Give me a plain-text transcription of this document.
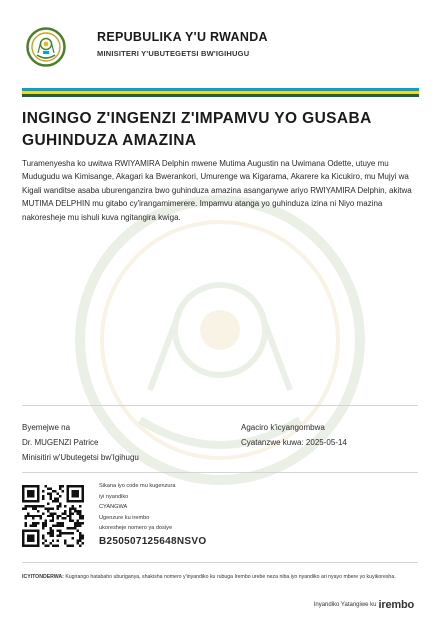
REPUBULIKA Y'U RWANDA
MINISITERI Y'UBUTEGETSI BW'IGIHUGU
INGINGO Z'INGENZI Z'IMPAMVU YO GUSABA GUHINDUZA AMAZINA
Turamenyesha ko uwitwa RWIYAMIRA Delphin mwene Mutima Augustin na Uwimana Odette, utuye mu Mudugudu wa Kimisange, Akagari ka Bwerankori, Umurenge wa Kigarama, Akarere ka Kicukiro, mu Mujyi wa Kigali wanditse asaba uburenganzira bwo guhinduza amazina asanganywe ariyo RWIYAMIRA Delphin, akitwa MUTIMA DELPHIN mu gitabo cy'irangamimerere. Impamvu atanga yo guhinduza izina ni Niyo mazina nakoresheje mu ishuli kuva ngitangira kwiga.
Byemejwe na
Dr. MUGENZI Patrice
Minisitiri w'Ubutegetsi bw'Igihugu
Agaciro k'icyangombwa
Cyatanzwe kuwa: 2025-05-14
Sikana iyo code mu kugenzura
iyi nyandiko
CYANGWA
Ugenzure ku irembo
ukoresheje nomero ya dosiye
B250507125648NSVO
ICYITONDERWA: Kugirango hatabaho uburiganya, shakisha nomero y'inyandiko ku rubuga Irembo urebe neza niba iyo nyandiko ari nyayo mbere yo kuyikoresha.
Inyandiko Yatangiwe ku irembo
